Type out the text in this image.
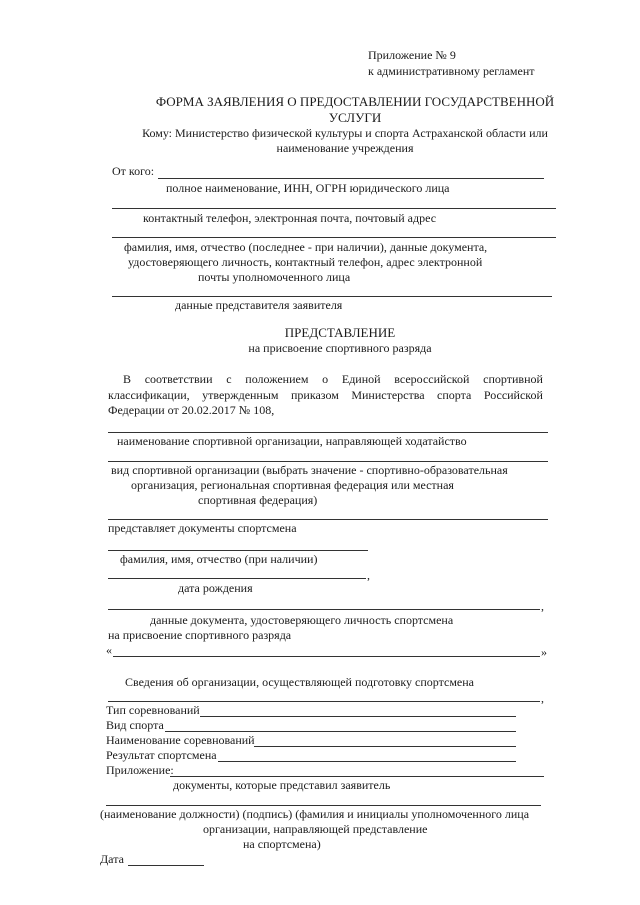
Приложение № 9
к административному регламент
ФОРМА ЗАЯВЛЕНИЯ О ПРЕДОСТАВЛЕНИИ ГОСУДАРСТВЕННОЙ
УСЛУГИ
Кому: Министерство физической культуры и спорта Астраханской области или
наименование учреждения
От кого:
полное наименование, ИНН, ОГРН юридического лица
контактный телефон, электронная почта, почтовый адрес
фамилия, имя, отчество (последнее - при наличии), данные документа,
удостоверяющего личность, контактный телефон, адрес электронной
почты уполномоченного лица
данные представителя заявителя
ПРЕДСТАВЛЕНИЕ
на присвоение спортивного разряда
В соответствии с положением о Единой всероссийской спортивной
классификации, утвержденным приказом Министерства спорта Российской
Федерации от 20.02.2017 № 108,
наименование спортивной организации, направляющей ходатайство
вид спортивной организации (выбрать значение - спортивно-образовательная
организация, региональная спортивная федерация или местная
спортивная федерация)
представляет документы спортсмена
фамилия, имя, отчество (при наличии)
,
дата рождения
,
данные документа, удостоверяющего личность спортсмена
на присвоение спортивного разряда
«	»
Сведения об организации, осуществляющей подготовку спортсмена
,
Тип соревнований
Вид спорта
Наименование соревнований
Результат спортсмена
Приложение:
документы, которые представил заявитель
(наименование должности) (подпись) (фамилия и инициалы уполномоченного лица
организации, направляющей представление
на спортсмена)
Дата
